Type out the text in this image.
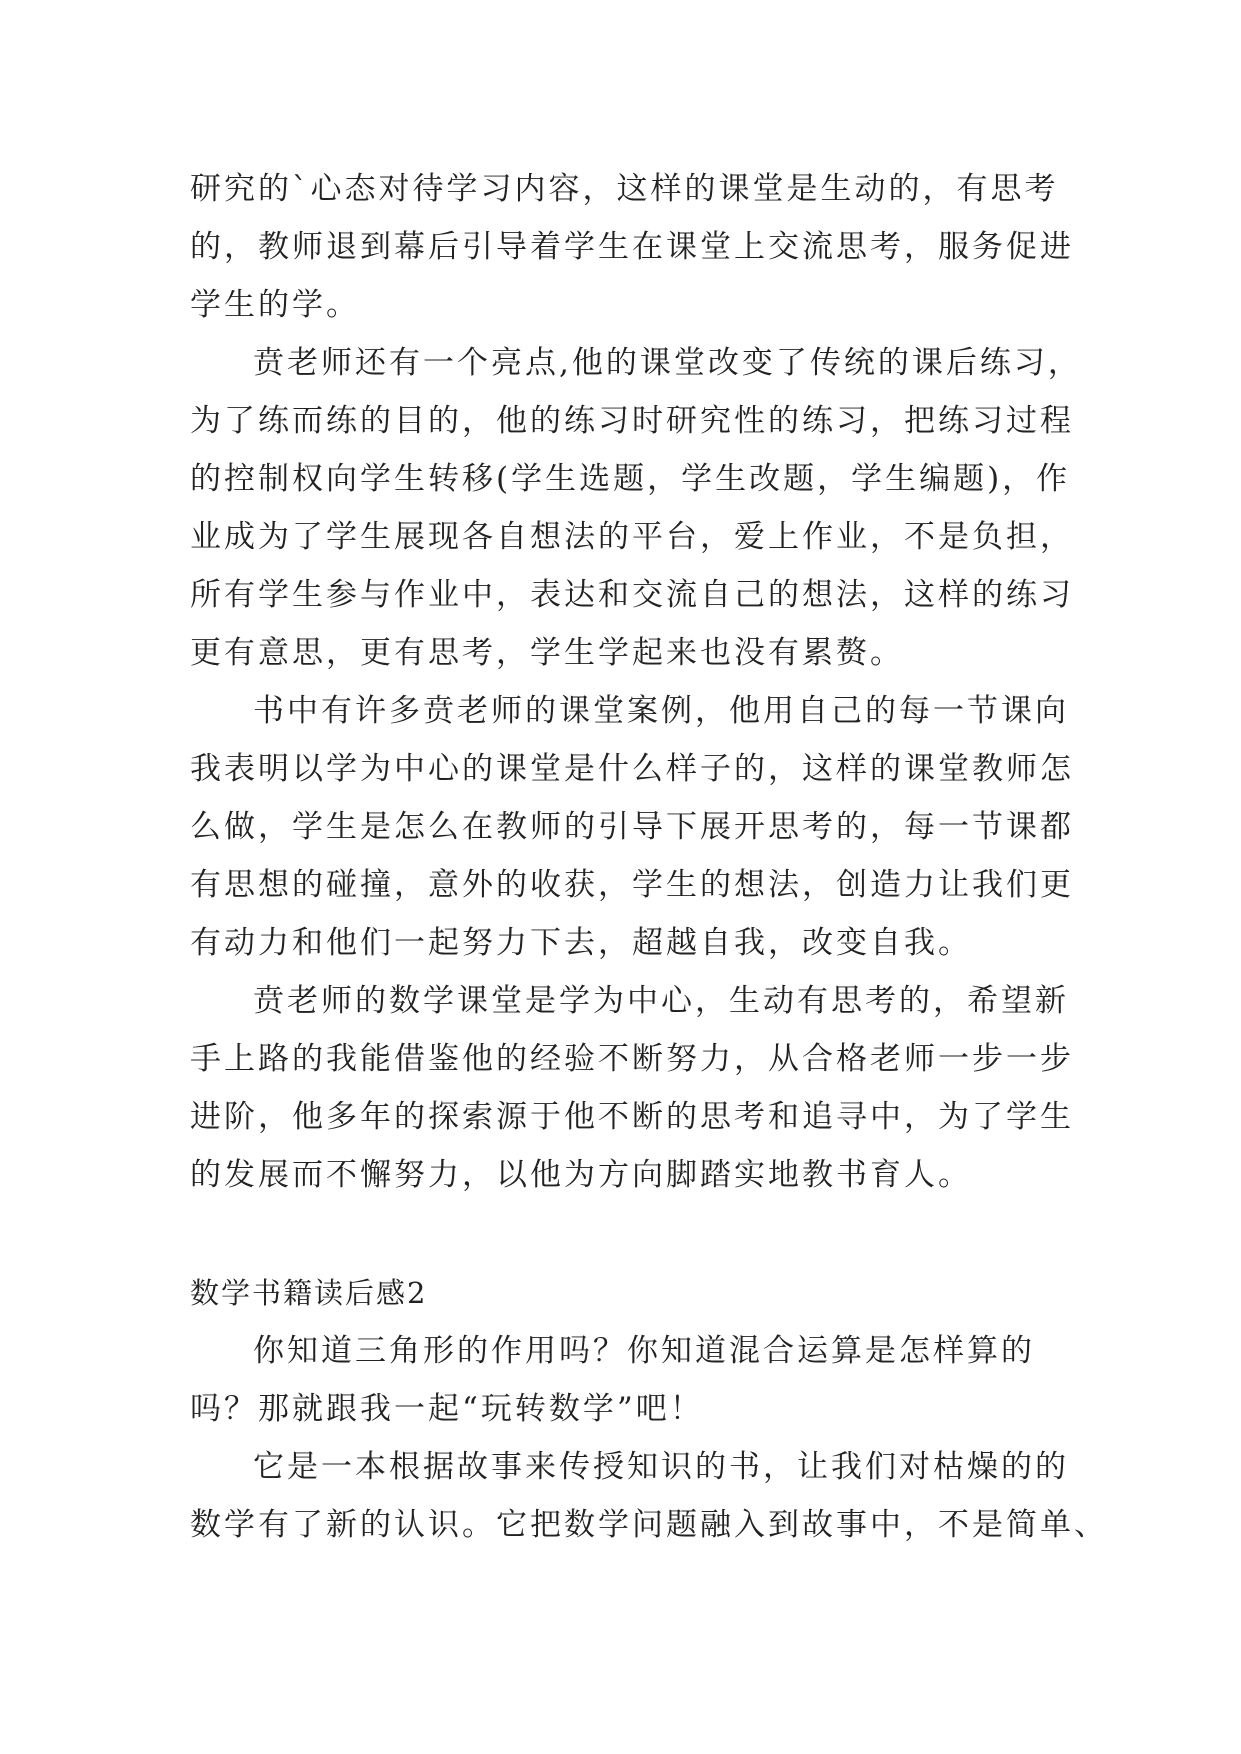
研究的`心态对待学习内容，这样的课堂是生动的，有思考
的，教师退到幕后引导着学生在课堂上交流思考，服务促进
学生的学。
贲老师还有一个亮点,他的课堂改变了传统的课后练习，
为了练而练的目的，他的练习时研究性的练习，把练习过程
的控制权向学生转移(学生选题，学生改题，学生编题)，作
业成为了学生展现各自想法的平台，爱上作业，不是负担，
所有学生参与作业中，表达和交流自己的想法，这样的练习
更有意思，更有思考，学生学起来也没有累赘。
书中有许多贲老师的课堂案例，他用自己的每一节课向
我表明以学为中心的课堂是什么样子的，这样的课堂教师怎
么做，学生是怎么在教师的引导下展开思考的，每一节课都
有思想的碰撞，意外的收获，学生的想法，创造力让我们更
有动力和他们一起努力下去，超越自我，改变自我。
贲老师的数学课堂是学为中心，生动有思考的，希望新
手上路的我能借鉴他的经验不断努力，从合格老师一步一步
进阶，他多年的探索源于他不断的思考和追寻中，为了学生
的发展而不懈努力，以他为方向脚踏实地教书育人。
数学书籍读后感2
你知道三角形的作用吗？你知道混合运算是怎样算的
吗？那就跟我一起“玩转数学”吧！
它是一本根据故事来传授知识的书，让我们对枯燥的的
数学有了新的认识。它把数学问题融入到故事中，不是简单、
